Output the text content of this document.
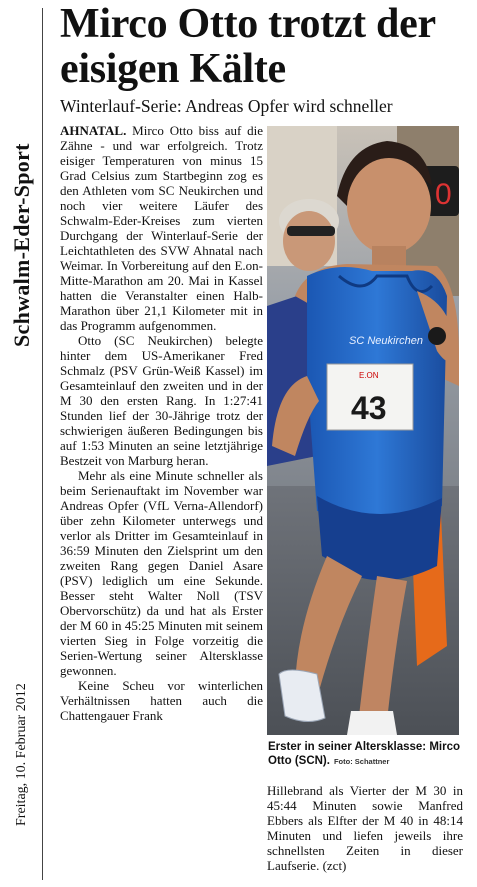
Schwalm-Eder-Sport
Freitag, 10. Februar 2012
Mirco Otto trotzt der eisigen Kälte
Winterlauf-Serie: Andreas Opfer wird schneller

AHNATAL. Mirco Otto biss auf die Zähne - und war erfolgreich. Trotz eisiger Temperaturen von minus 15 Grad Celsius zum Startbeginn zog es den Athleten vom SC Neukirchen und noch vier weitere Läufer des Schwalm-Eder-Kreises zum vierten Durchgang der Winterlauf-Serie der Leichtathleten des SVW Ahnatal nach Weimar. In Vorbereitung auf den E.on-Mitte-Marathon am 20. Mai in Kassel hatten die Veranstalter einen Halb-Marathon über 21,1 Kilometer mit in das Programm aufgenommen.

Otto (SC Neukirchen) belegte hinter dem US-Amerikaner Fred Schmalz (PSV Grün-Weiß Kassel) im Gesamteinlauf den zweiten und in der M 30 den ersten Rang. In 1:27:41 Stunden lief der 30-Jährige trotz der schwierigen äußeren Bedingungen bis auf 1:53 Minuten an seine letztjährige Bestzeit von Marburg heran.

Mehr als eine Minute schneller als beim Serienauftakt im November war Andreas Opfer (VfL Verna-Allendorf) über zehn Kilometer unterwegs und verlor als Dritter im Gesamteinlauf in 36:59 Minuten den Zielsprint um den zweiten Rang gegen Daniel Asare (PSV) lediglich um eine Sekunde. Besser steht Walter Noll (TSV Obervorschütz) da und hat als Erster der M 60 in 45:25 Minuten mit seinem vierten Sieg in Folge vorzeitig die Serien-Wertung seiner Altersklasse gewonnen.

Keine Scheu vor winterlichen Verhältnissen hatten auch die Chattengauer Frank

0
SC Neukirchen
E.ON
43
Erster in seiner Altersklasse: Mirco Otto (SCN). Foto: Schattner
Hillebrand als Vierter der M 30 in 45:44 Minuten sowie Manfred Ebbers als Elfter der M 40 in 48:14 Minuten und liefen jeweils ihre schnellsten Zeiten in dieser Laufserie. (zct)
